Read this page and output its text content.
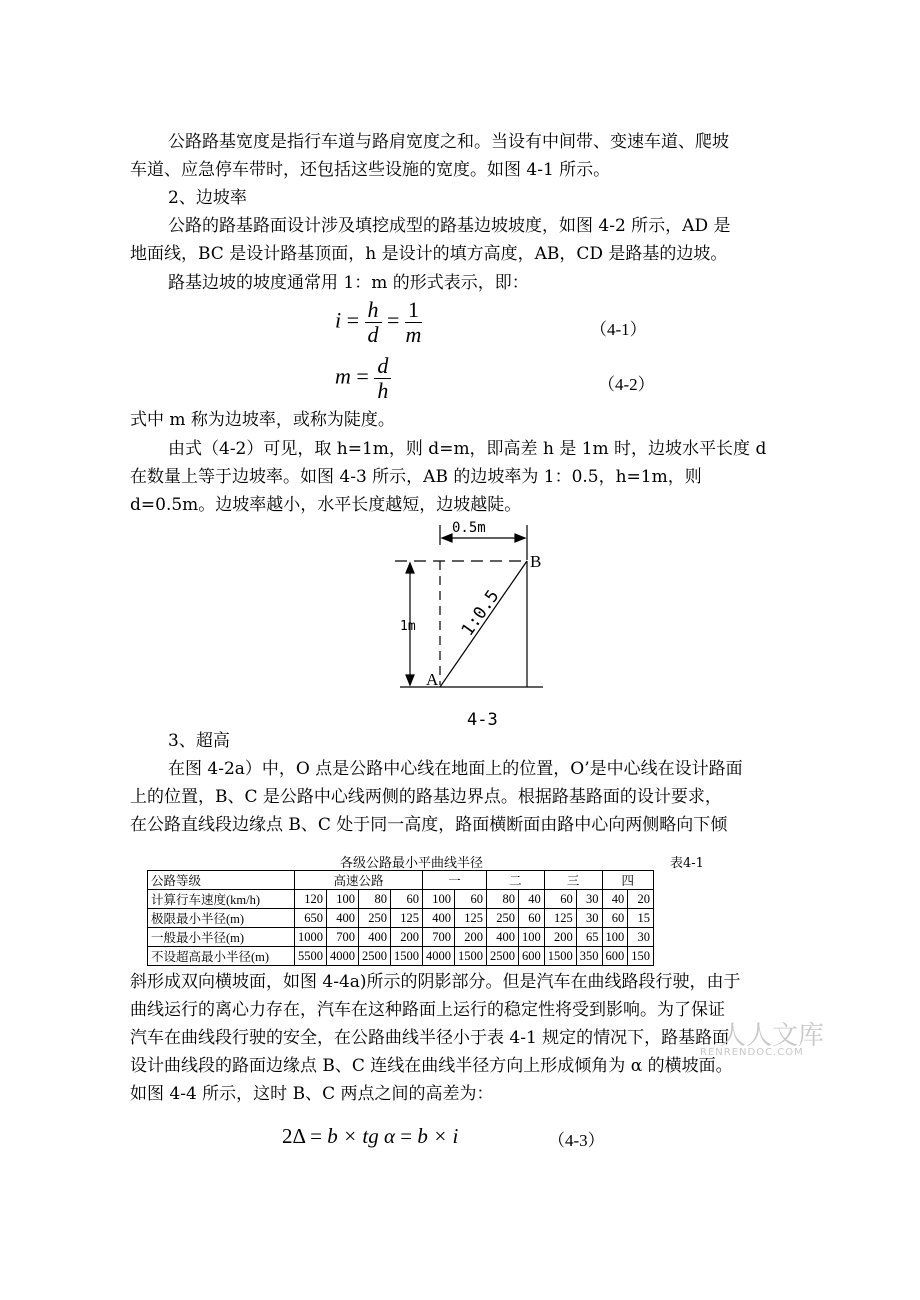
公路路基宽度是指行车道与路肩宽度之和。当设有中间带、变速车道、爬坡
车道、应急停车带时，还包括这些设施的宽度。如图 4-1 所示。
2、边坡率
公路的路基路面设计涉及填挖成型的路基边坡坡度，如图 4-2 所示，AD 是
地面线，BC 是设计路基顶面，h 是设计的填方高度，AB，CD 是路基的边坡。
路基边坡的坡度通常用 1：m 的形式表示，即：
$i = \frac{h}{d} = \frac{1}{m}$	（4-1）
$m = \frac{d}{h}$	（4-2）
式中 m 称为边坡率，或称为陡度。
由式（4-2）可见，取 h=1m，则 d=m，即高差 h 是 1m 时，边坡水平长度 d
在数量上等于边坡率。如图 4-3 所示，AB 的边坡率为 1：0.5，h=1m，则
d=0.5m。边坡率越小，水平长度越短，边坡越陡。
0.5m
B
A
1m 1:0.5
4-3
3、超高
在图 4-2a）中，O 点是公路中心线在地面上的位置，O’是中心线在设计路面
上的位置，B、C 是公路中心线两侧的路基边界点。根据路基路面的设计要求，
在公路直线段边缘点 B、C 处于同一高度，路面横断面由路中心向两侧略向下倾
各级公路最小平曲线半径	表4-1
公路等级	高速公路				一		二		三		四	
计算行车速度(km/h)	120	100	80	60	100	60	80	40	60	30	40	20
极限最小半径(m)	650	400	250	125	400	125	250	60	125	30	60	15
一般最小半径(m)	1000	700	400	200	700	200	400	100	200	65	100	30
不设超高最小半径(m)	5500	4000	2500	1500	4000	1500	2500	600	1500	350	600	150
斜形成双向横坡面，如图 4-4a)所示的阴影部分。但是汽车在曲线路段行驶，由于
曲线运行的离心力存在，汽车在这种路面上运行的稳定性将受到影响。为了保证
汽车在曲线段行驶的安全，在公路曲线半径小于表 4-1 规定的情况下，路基路面
设计曲线段的路面边缘点 B、C 连线在曲线半径方向上形成倾角为 α 的横坡面。
如图 4-4 所示，这时 B、C 两点之间的高差为：
人人文库
RENRENDOC.COM
2Δ = b × tg α = b × i	（4-3）
